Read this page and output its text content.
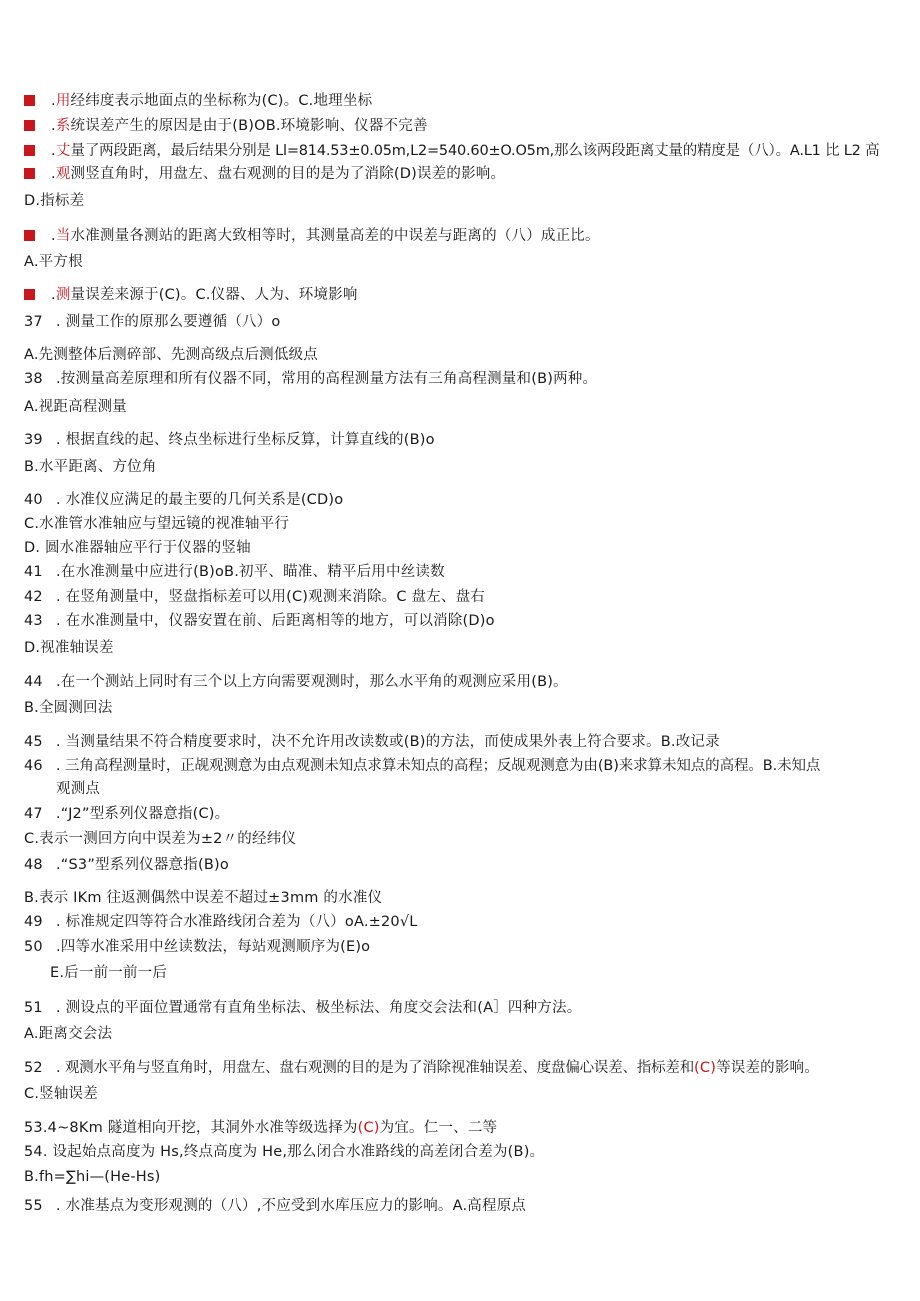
.用经纬度表示地面点的坐标称为(C)。C.地理坐标
.系统误差产生的原因是由于(B)OB.环境影响、仪器不完善
.丈量了两段距离，最后结果分别是 Ll=814.53±0.05m,L2=540.60±O.O5m,那么该两段距离丈量的精度是（八）。A.L1 比 L2 高
.观测竖直角时，用盘左、盘右观测的目的是为了消除(D)误差的影响。
D.指标差
.当水准测量各测站的距离大致相等时，其测量高差的中误差与距离的（八）成正比。
A.平方根
.测量误差来源于(C)。C.仪器、人为、环境影响
37 . 测量工作的原那么要遵循（八）o
A.先测整体后测碎部、先测高级点后测低级点
38 .按测量高差原理和所有仪器不同，常用的高程测量方法有三角高程测量和(B)两种。
A.视距高程测量
39 . 根据直线的起、终点坐标进行坐标反算，计算直线的(B)o
B.水平距离、方位角
40 . 水准仪应满足的最主要的几何关系是(CD)o
C.水准管水准轴应与望远镜的视准轴平行
D. 圆水准器轴应平行于仪器的竖轴
41 .在水准测量中应进行(B)oB.初平、瞄准、精平后用中丝读数
42 . 在竖角测量中，竖盘指标差可以用(C)观测来消除。C 盘左、盘右
43 . 在水准测量中，仪器安置在前、后距离相等的地方，可以消除(D)o
D.视准轴误差
44 .在一个测站上同时有三个以上方向需要观测时，那么水平角的观测应采用(B)。
B.全圆测回法
45 . 当测量结果不符合精度要求时，决不允许用改读数或(B)的方法，而使成果外表上符合要求。B.改记录
46 . 三角高程测量时，正觇观测意为由点观测未知点求算未知点的高程；反觇观测意为由(B)来求算未知点的高程。B.未知点
观测点
47 .“J2”型系列仪器意指(C)。
C.表示一测回方向中误差为±2〃的经纬仪
48 .“S3”型系列仪器意指(B)o
B.表示 IKm 往返测偶然中误差不超过±3mm 的水准仪
49 . 标准规定四等符合水准路线闭合差为（八）oA.±20√L
50 .四等水准采用中丝读数法，每站观测顺序为(E)o
E.后一前一前一后
51 . 测设点的平面位置通常有直角坐标法、极坐标法、角度交会法和(A］四种方法。
A.距离交会法
52 . 观测水平角与竖直角时，用盘左、盘右观测的目的是为了消除视准轴误差、度盘偏心误差、指标差和(C)等误差的影响。
C.竖轴误差
53.4~8Km 隧道相向开挖，其洞外水准等级选择为(C)为宜。仁一、二等
54. 设起始点高度为 Hs,终点高度为 He,那么闭合水准路线的高差闭合差为(B)。
B.fh=∑hi—(He-Hs)
55 . 水准基点为变形观测的（八）,不应受到水库压应力的影响。A.高程原点
